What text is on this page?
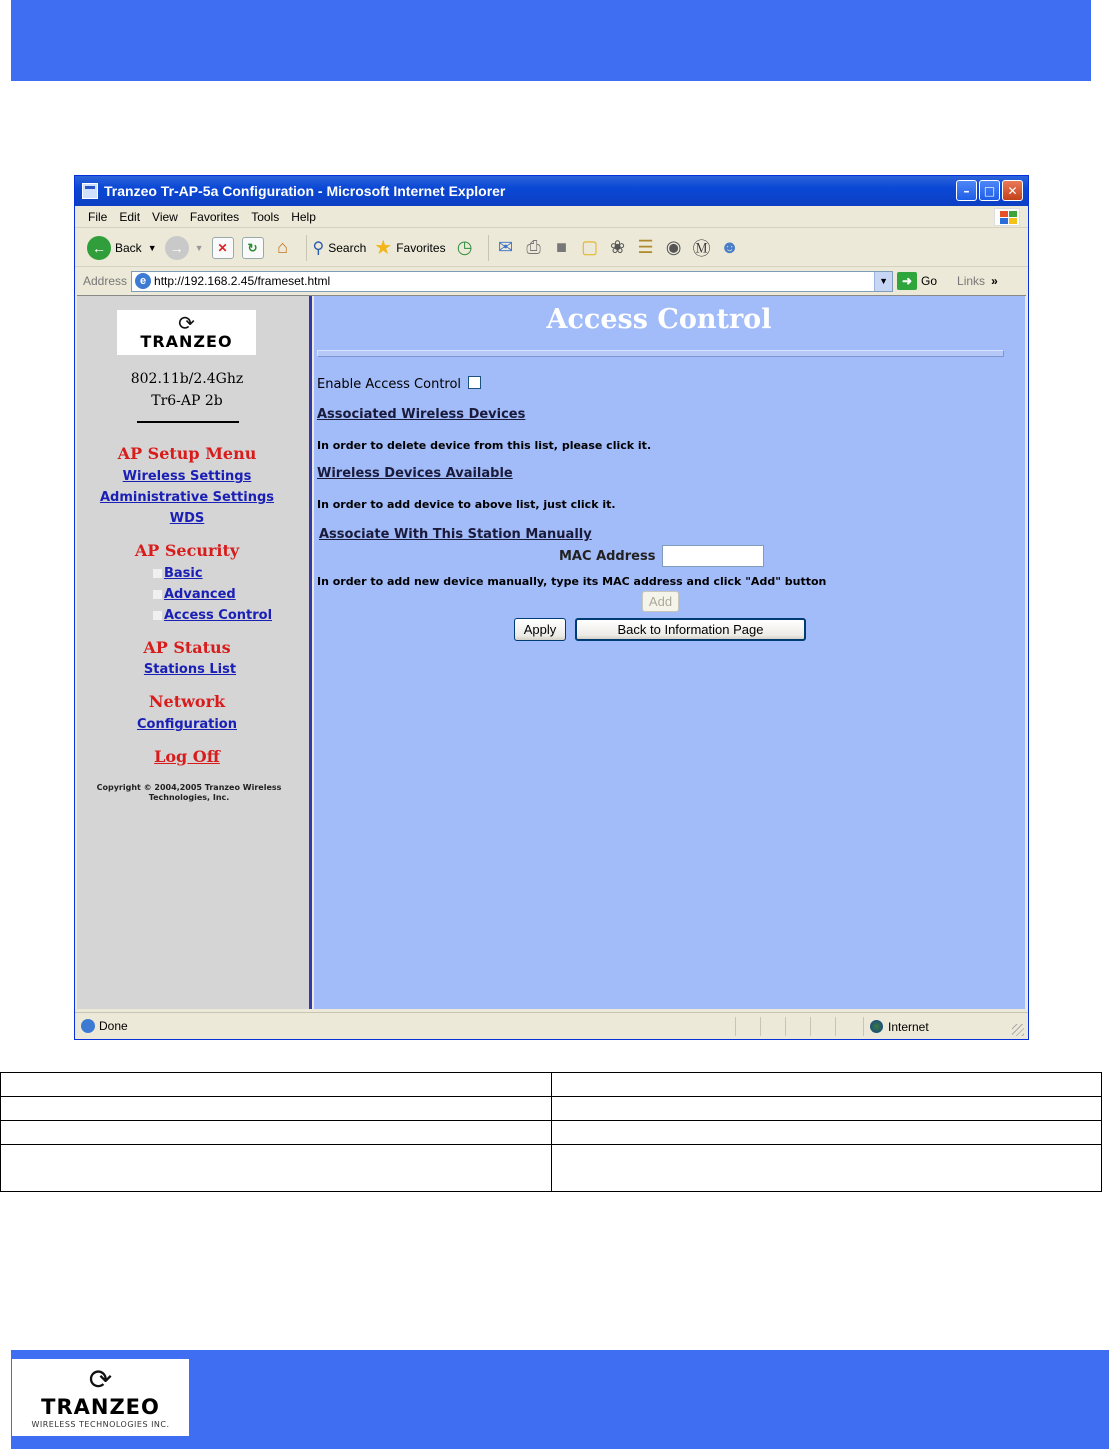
Tranzeo Tr-AP-5a Configuration - Microsoft Internet Explorer	–	□	✕
File Edit View Favorites Tools Help
← Back ▼ →	▼	✕	↻	⌂	⚲ Search ★ Favorites ◷ ✉ ⎙ ■ ▢ ❀ ☰ ◉ Ⓜ ☻
Address	e http://192.168.2.45/frameset.html	▼	➜ Go Links »
⟳
TRANZEO
802.11b/2.4Ghz
Tr6-AP 2b
AP Setup Menu
Wireless Settings
Administrative Settings
WDS
AP Security
Basic
Advanced
Access Control
AP Status
Stations List
Network
Configuration
Log Off
Copyright © 2004,2005 Tranzeo Wireless
Technologies, Inc.
Access Control
Enable Access Control
Associated Wireless Devices
In order to delete device from this list, please click it.
Wireless Devices Available
In order to add device to above list, just click it.
Associate With This Station Manually
MAC Address
In order to add new device manually, type its MAC address and click "Add" button
Add
Apply	Back to Information Page
Done	Internet

⟳
TRANZEO
WIRELESS TECHNOLOGIES INC.
